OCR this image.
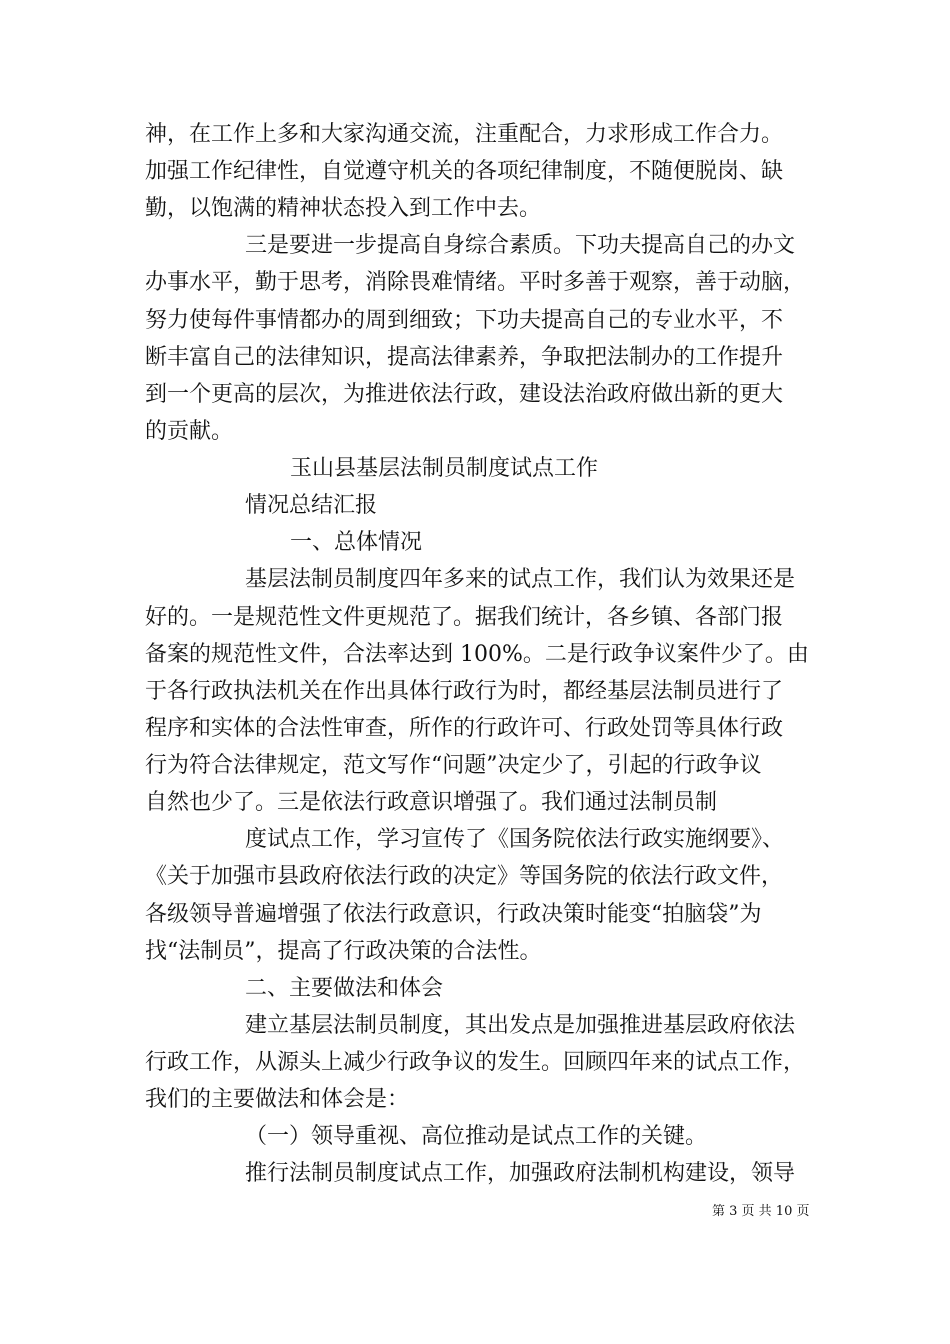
神，在工作上多和大家沟通交流，注重配合，力求形成工作合力。
加强工作纪律性，自觉遵守机关的各项纪律制度，不随便脱岗、缺
勤，以饱满的精神状态投入到工作中去。
三是要进一步提高自身综合素质。下功夫提高自己的办文
办事水平，勤于思考，消除畏难情绪。平时多善于观察，善于动脑，
努力使每件事情都办的周到细致；下功夫提高自己的专业水平，不
断丰富自己的法律知识，提高法律素养，争取把法制办的工作提升
到一个更高的层次，为推进依法行政，建设法治政府做出新的更大
的贡献。
玉山县基层法制员制度试点工作
情况总结汇报
一、总体情况
基层法制员制度四年多来的试点工作，我们认为效果还是
好的。一是规范性文件更规范了。据我们统计，各乡镇、各部门报
备案的规范性文件，合法率达到 100%。二是行政争议案件少了。由
于各行政执法机关在作出具体行政行为时，都经基层法制员进行了
程序和实体的合法性审查，所作的行政许可、行政处罚等具体行政
行为符合法律规定，范文写作“问题”决定少了，引起的行政争议
自然也少了。三是依法行政意识增强了。我们通过法制员制
度试点工作，学习宣传了《国务院依法行政实施纲要》、
《关于加强市县政府依法行政的决定》等国务院的依法行政文件，
各级领导普遍增强了依法行政意识，行政决策时能变“拍脑袋”为
找“法制员”，提高了行政决策的合法性。
二、主要做法和体会
建立基层法制员制度，其出发点是加强推进基层政府依法
行政工作，从源头上减少行政争议的发生。回顾四年来的试点工作，
我们的主要做法和体会是：
（一）领导重视、高位推动是试点工作的关键。
推行法制员制度试点工作，加强政府法制机构建设，领导
第 3 页 共 10 页
